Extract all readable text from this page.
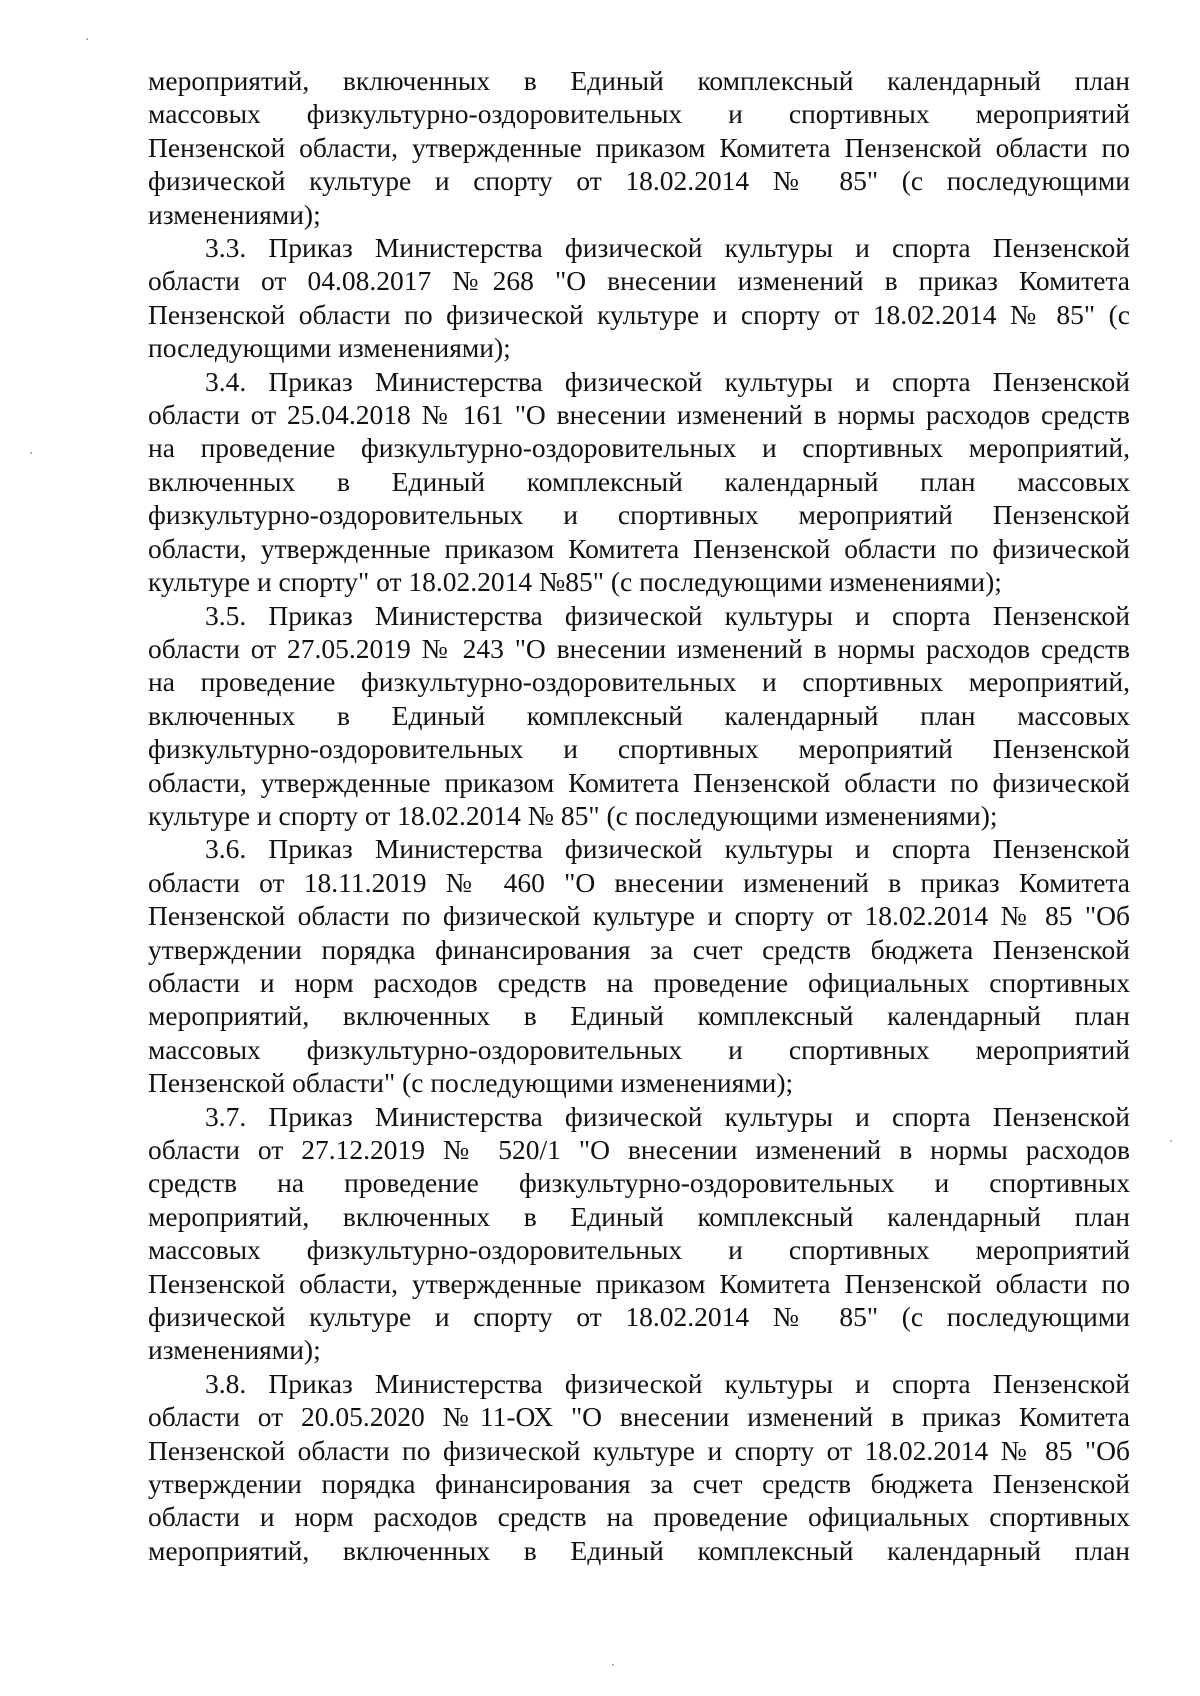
мероприятий, включенных в Единый комплексный календарный план
массовых физкультурно-оздоровительных и спортивных мероприятий
Пензенской области, утвержденные приказом Комитета Пензенской области по
физической культуре и спорту от 18.02.2014 № 85" (с последующими
изменениями);
3.3. Приказ Министерства физической культуры и спорта Пензенской
области от 04.08.2017 №268 "О внесении изменений в приказ Комитета
Пензенской области по физической культуре и спорту от 18.02.2014 № 85" (с
последующими изменениями);
3.4. Приказ Министерства физической культуры и спорта Пензенской
области от 25.04.2018 № 161 "О внесении изменений в нормы расходов средств
на проведение физкультурно-оздоровительных и спортивных мероприятий,
включенных в Единый комплексный календарный план массовых
физкультурно-оздоровительных и спортивных мероприятий Пензенской
области, утвержденные приказом Комитета Пензенской области по физической
культуре и спорту" от 18.02.2014 №85" (с последующими изменениями);
3.5. Приказ Министерства физической культуры и спорта Пензенской
области от 27.05.2019 № 243 "О внесении изменений в нормы расходов средств
на проведение физкультурно-оздоровительных и спортивных мероприятий,
включенных в Единый комплексный календарный план массовых
физкультурно-оздоровительных и спортивных мероприятий Пензенской
области, утвержденные приказом Комитета Пензенской области по физической
культуре и спорту от 18.02.2014 № 85" (с последующими изменениями);
3.6. Приказ Министерства физической культуры и спорта Пензенской
области от 18.11.2019 № 460 "О внесении изменений в приказ Комитета
Пензенской области по физической культуре и спорту от 18.02.2014 № 85 "Об
утверждении порядка финансирования за счет средств бюджета Пензенской
области и норм расходов средств на проведение официальных спортивных
мероприятий, включенных в Единый комплексный календарный план
массовых физкультурно-оздоровительных и спортивных мероприятий
Пензенской области" (с последующими изменениями);
3.7. Приказ Министерства физической культуры и спорта Пензенской
области от 27.12.2019 № 520/1 "О внесении изменений в нормы расходов
средств на проведение физкультурно-оздоровительных и спортивных
мероприятий, включенных в Единый комплексный календарный план
массовых физкультурно-оздоровительных и спортивных мероприятий
Пензенской области, утвержденные приказом Комитета Пензенской области по
физической культуре и спорту от 18.02.2014 № 85" (с последующими
изменениями);
3.8. Приказ Министерства физической культуры и спорта Пензенской
области от 20.05.2020 №11-ОХ "О внесении изменений в приказ Комитета
Пензенской области по физической культуре и спорту от 18.02.2014 № 85 "Об
утверждении порядка финансирования за счет средств бюджета Пензенской
области и норм расходов средств на проведение официальных спортивных
мероприятий, включенных в Единый комплексный календарный план
